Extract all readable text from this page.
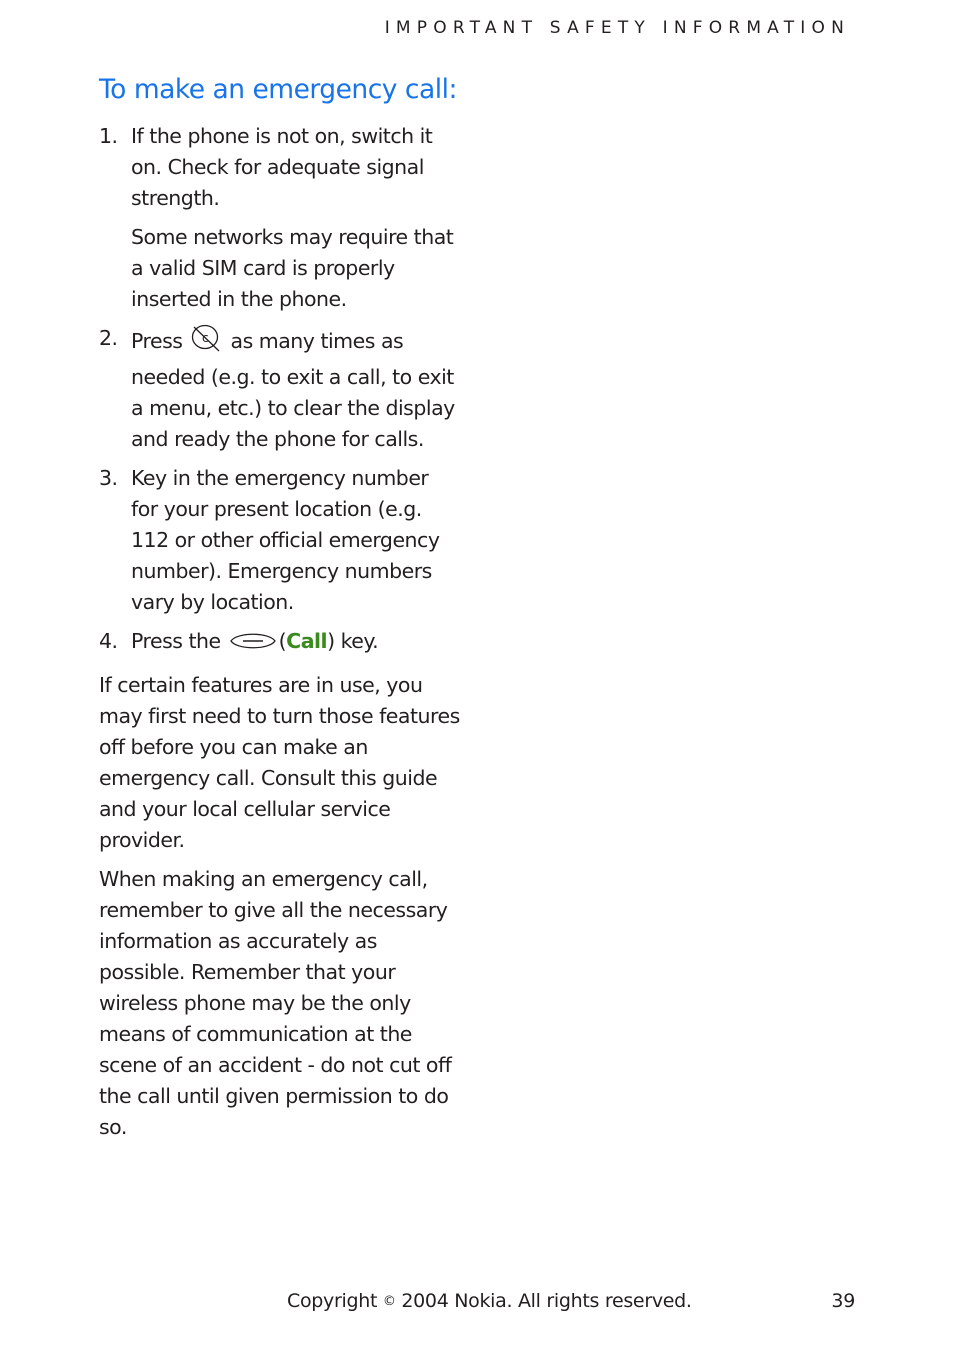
IMPORTANT SAFETY INFORMATION
To make an emergency call:
1. If the phone is not on, switch it on. Check for adequate signal strength.

Some networks may require that a valid SIM card is properly inserted in the phone.

2. Press c as many times as needed (e.g. to exit a call, to exit a menu, etc.) to clear the display and ready the phone for calls.

3. Key in the emergency number for your present location (e.g. 112 or other official emergency number). Emergency numbers vary by location.

4. Press the	(Call) key.

If certain features are in use, you may first need to turn those features off before you can make an emergency call. Consult this guide and your local cellular service provider.

When making an emergency call, remember to give all the necessary information as accurately as possible. Remember that your wireless phone may be the only means of communication at the scene of an accident - do not cut off the call until given permission to do so.

Copyright © 2004 Nokia. All rights reserved.	39
